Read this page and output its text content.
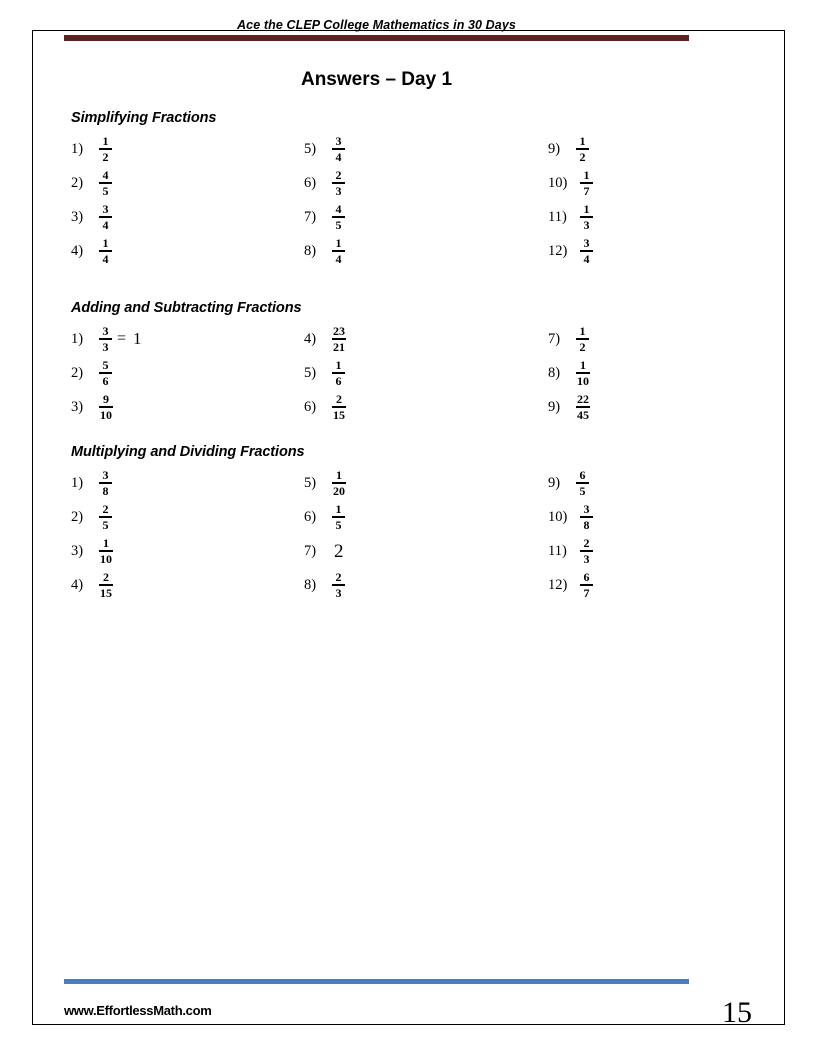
Ace the CLEP College Mathematics in 30 Days
Answers – Day 1
Simplifying Fractions
1)	$\frac{1}{2}$
2)	$\frac{4}{5}$
3)	$\frac{3}{4}$
4)	$\frac{1}{4}$
5)	$\frac{3}{4}$
6)	$\frac{2}{3}$
7)	$\frac{4}{5}$
8)	$\frac{1}{4}$
9)	$\frac{1}{2}$
10)	$\frac{1}{7}$
11)	$\frac{1}{3}$
12)	$\frac{3}{4}$
Adding and Subtracting Fractions
1)	$\frac{3}{3} = 1$
2)	$\frac{5}{6}$
3)	$\frac{9}{10}$
4)	$\frac{23}{21}$
5)	$\frac{1}{6}$
6)	$\frac{2}{15}$
7)	$\frac{1}{2}$
8)	$\frac{1}{10}$
9)	$\frac{22}{45}$
Multiplying and Dividing Fractions
1)	$\frac{3}{8}$
2)	$\frac{2}{5}$
3)	$\frac{1}{10}$
4)	$\frac{2}{15}$
5)	$\frac{1}{20}$
6)	$\frac{1}{5}$
7) 2
8)	$\frac{2}{3}$
9)	$\frac{6}{5}$
10)	$\frac{3}{8}$
11)	$\frac{2}{3}$
12)	$\frac{6}{7}$
www.EffortlessMath.com	15
